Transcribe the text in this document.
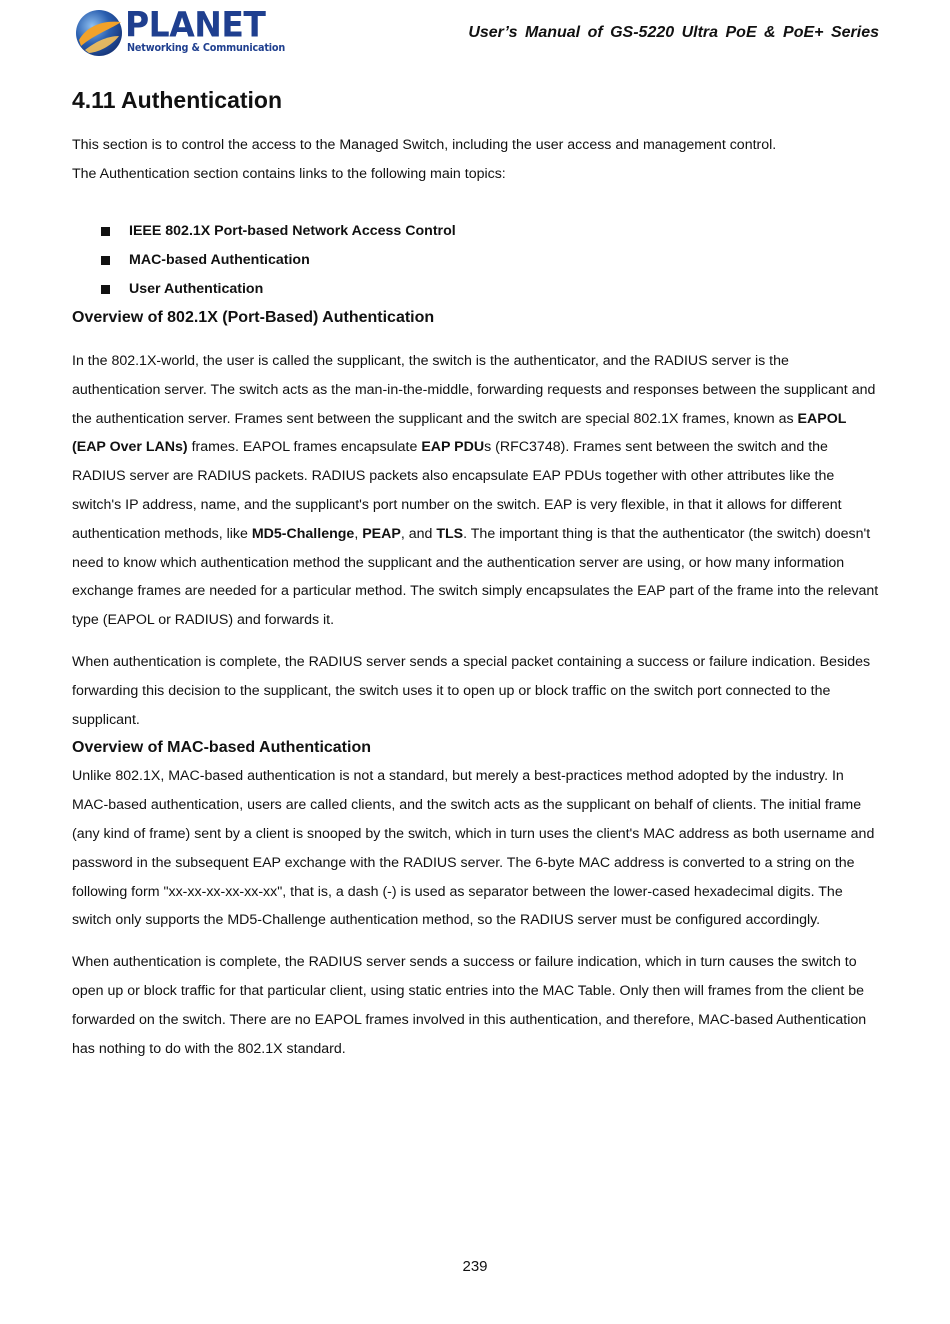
PLANET
Networking & Communication
User’s Manual of GS-5220 Ultra PoE & PoE+ Series
4.11 Authentication

This section is to control the access to the Managed Switch, including the user access and management control.

The Authentication section contains links to the following main topics:

IEEE 802.1X Port-based Network Access Control
MAC-based Authentication
User Authentication
Overview of 802.1X (Port-Based) Authentication

In the 802.1X-world, the user is called the supplicant, the switch is the authenticator, and the RADIUS server is the authentication server. The switch acts as the man-in-the-middle, forwarding requests and responses between the supplicant and the authentication server. Frames sent between the supplicant and the switch are special 802.1X frames, known as EAPOL (EAP Over LANs) frames. EAPOL frames encapsulate EAP PDUs (RFC3748). Frames sent between the switch and the RADIUS server are RADIUS packets. RADIUS packets also encapsulate EAP PDUs together with other attributes like the switch's IP address, name, and the supplicant's port number on the switch. EAP is very flexible, in that it allows for different authentication methods, like MD5-Challenge, PEAP, and TLS. The important thing is that the authenticator (the switch) doesn't need to know which authentication method the supplicant and the authentication server are using, or how many information exchange frames are needed for a particular method. The switch simply encapsulates the EAP part of the frame into the relevant type (EAPOL or RADIUS) and forwards it.

When authentication is complete, the RADIUS server sends a special packet containing a success or failure indication. Besides forwarding this decision to the supplicant, the switch uses it to open up or block traffic on the switch port connected to the supplicant.

Overview of MAC-based Authentication

Unlike 802.1X, MAC-based authentication is not a standard, but merely a best-practices method adopted by the industry. In MAC-based authentication, users are called clients, and the switch acts as the supplicant on behalf of clients. The initial frame (any kind of frame) sent by a client is snooped by the switch, which in turn uses the client's MAC address as both username and password in the subsequent EAP exchange with the RADIUS server. The 6-byte MAC address is converted to a string on the following form "xx-xx-xx-xx-xx-xx", that is, a dash (-) is used as separator between the lower-cased hexadecimal digits. The switch only supports the MD5-Challenge authentication method, so the RADIUS server must be configured accordingly.

When authentication is complete, the RADIUS server sends a success or failure indication, which in turn causes the switch to open up or block traffic for that particular client, using static entries into the MAC Table. Only then will frames from the client be forwarded on the switch. There are no EAPOL frames involved in this authentication, and therefore, MAC-based Authentication has nothing to do with the 802.1X standard.

239
